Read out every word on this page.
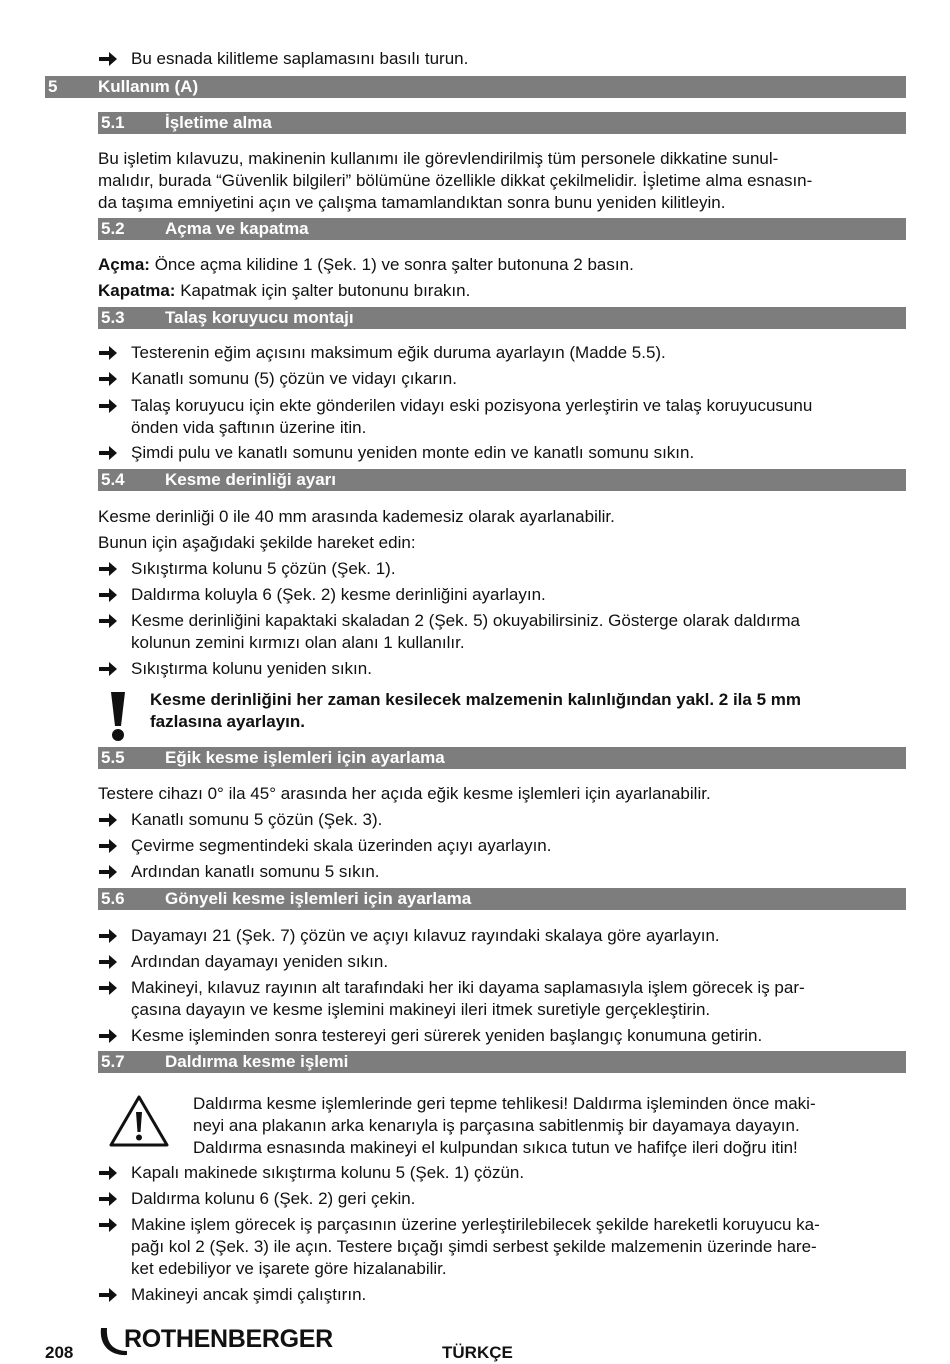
Bu esnada kilitleme saplamasını basılı turun.
5 Kullanım (A)
5.1 İşletime alma
Bu işletim kılavuzu, makinenin kullanımı ile görevlendirilmiş tüm personele dikkatine sunul-
malıdır, burada “Güvenlik bilgileri” bölümüne özellikle dikkat çekilmelidir. İşletime alma esnasın-
da taşıma emniyetini açın ve çalışma tamamlandıktan sonra bunu yeniden kilitleyin.
5.2 Açma ve kapatma
Açma: Önce açma kilidine 1 (Şek. 1) ve sonra şalter butonuna 2 basın.
Kapatma: Kapatmak için şalter butonunu bırakın.
5.3 Talaş koruyucu montajı
Testerenin eğim açısını maksimum eğik duruma ayarlayın (Madde 5.5).
Kanatlı somunu (5) çözün ve vidayı çıkarın.
Talaş koruyucu için ekte gönderilen vidayı eski pozisyona yerleştirin ve talaş koruyucusunu
önden vida şaftının üzerine itin.
Şimdi pulu ve kanatlı somunu yeniden monte edin ve kanatlı somunu sıkın.
5.4 Kesme derinliği ayarı
Kesme derinliği 0 ile 40 mm arasında kademesiz olarak ayarlanabilir.
Bunun için aşağıdaki şekilde hareket edin:
Sıkıştırma kolunu 5 çözün (Şek. 1).
Daldırma koluyla 6 (Şek. 2) kesme derinliğini ayarlayın.
Kesme derinliğini kapaktaki skaladan 2 (Şek. 5) okuyabilirsiniz. Gösterge olarak daldırma
kolunun zemini kırmızı olan alanı 1 kullanılır.
Sıkıştırma kolunu yeniden sıkın.
Kesme derinliğini her zaman kesilecek malzemenin kalınlığından yakl. 2 ila 5 mm
fazlasına ayarlayın.
5.5 Eğik kesme işlemleri için ayarlama
Testere cihazı 0° ila 45° arasında her açıda eğik kesme işlemleri için ayarlanabilir.
Kanatlı somunu 5 çözün (Şek. 3).
Çevirme segmentindeki skala üzerinden açıyı ayarlayın.
Ardından kanatlı somunu 5 sıkın.
5.6 Gönyeli kesme işlemleri için ayarlama
Dayamayı 21 (Şek. 7) çözün ve açıyı kılavuz rayındaki skalaya göre ayarlayın.
Ardından dayamayı yeniden sıkın.
Makineyi, kılavuz rayının alt tarafındaki her iki dayama saplamasıyla işlem görecek iş par-
çasına dayayın ve kesme işlemini makineyi ileri itmek suretiyle gerçekleştirin.
Kesme işleminden sonra testereyi geri sürerek yeniden başlangıç konumuna getirin.
5.7 Daldırma kesme işlemi
Daldırma kesme işlemlerinde geri tepme tehlikesi! Daldırma işleminden önce maki-
neyi ana plakanın arka kenarıyla iş parçasına sabitlenmiş bir dayamaya dayayın.
Daldırma esnasında makineyi el kulpundan sıkıca tutun ve hafifçe ileri doğru itin!
Kapalı makinede sıkıştırma kolunu 5 (Şek. 1) çözün.
Daldırma kolunu 6 (Şek. 2) geri çekin.
Makine işlem görecek iş parçasının üzerine yerleştirilebilecek şekilde hareketli koruyucu ka-
pağı kol 2 (Şek. 3) ile açın. Testere bıçağı şimdi serbest şekilde malzemenin üzerinde hare-
ket edebiliyor ve işarete göre hizalanabilir.
Makineyi ancak şimdi çalıştırın.
208 ROTHENBERGER	TÜRKÇE
